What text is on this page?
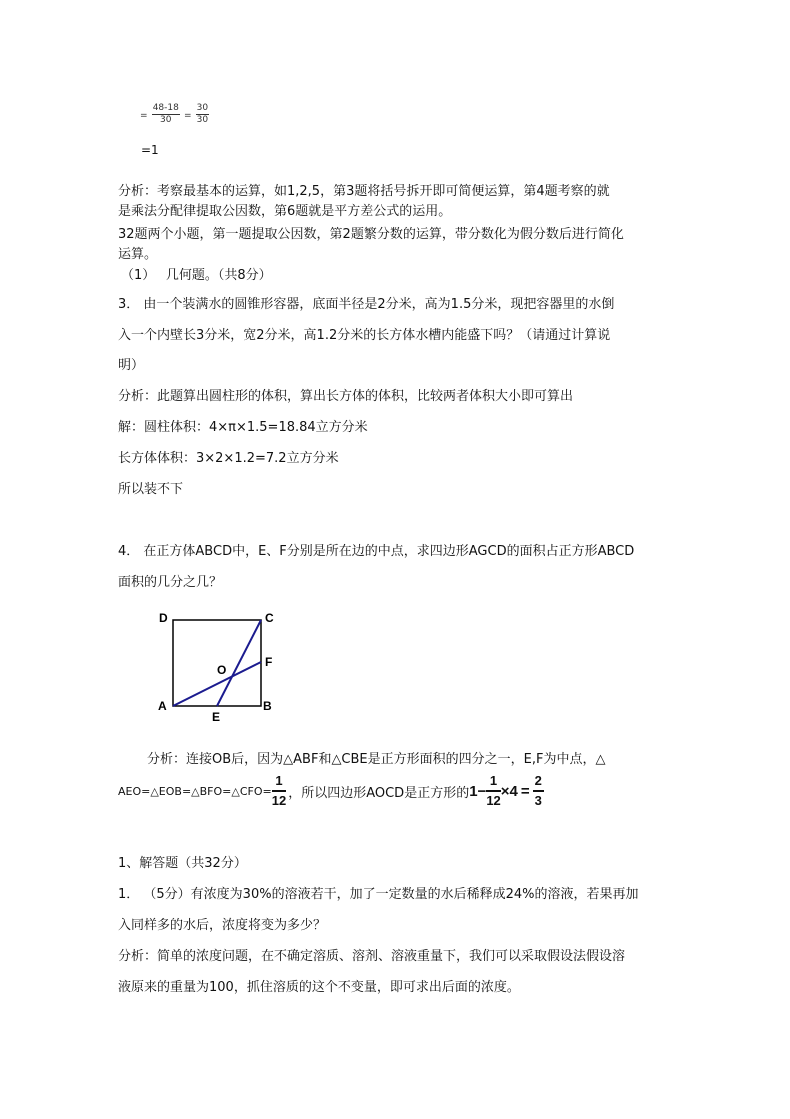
= $\frac{48-18}{30} = \frac{30}{30}$
=1
分析：考察最基本的运算，如1,2,5，第3题将括号拆开即可简便运算，第4题考察的就
是乘法分配律提取公因数，第6题就是平方差公式的运用。
32题两个小题，第一题提取公因数，第2题繁分数的运算，带分数化为假分数后进行简化
运算。
（1）　 几何题。（共8分）
3． 由一个装满水的圆锥形容器，底面半径是2分米，高为1.5分米，现把容器里的水倒
入一个内壁长3分米，宽2分米，高1.2分米的长方体水槽内能盛下吗？（请通过计算说
明）
分析：此题算出圆柱形的体积，算出长方体的体积，比较两者体积大小即可算出
解：圆柱体积：4×π×1.5=18.84立方分米
长方体体积：3×2×1.2=7.2立方分米
所以装不下
4． 在正方体ABCD中，E、F分别是所在边的中点，求四边形AGCD的面积占正方形ABCD
面积的几分之几？
D	C
O
F
A
E
B
分析：连接OB后，因为△ABF和△CBE是正方形面积的四分之一，E,F为中点，△
AEO=△EOB=△BFO=△CFO= $\frac{1}{12}$ ，所以四边形AOCD是正方形的 $1- \frac{1}{12} \times 4 = \frac{2}{3}$
1、解答题（共32分）
1． （5分）有浓度为30%的溶液若干，加了一定数量的水后稀释成24%的溶液，若果再加
入同样多的水后，浓度将变为多少？
分析：简单的浓度问题，在不确定溶质、溶剂、溶液重量下，我们可以采取假设法假设溶
液原来的重量为100，抓住溶质的这个不变量，即可求出后面的浓度。
